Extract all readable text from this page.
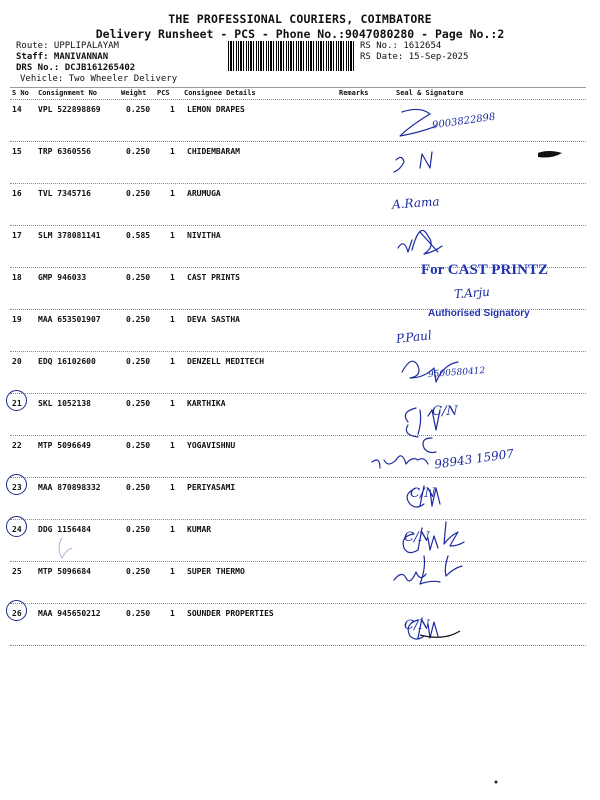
THE PROFESSIONAL COURIERS, COIMBATORE
Delivery Runsheet - PCS - Phone No.:9047080280 - Page No.:2
Route: UPPLIPALAYAM
Staff: MANIVANNAN
DRS No.: DCJB161265402
Vehicle: Two Wheeler Delivery
RS No.: 1612654
RS Date: 15-Sep-2025
S No Consignment No	Weight PCS Consignee Details	Remarks	Seal & Signature
14 VPL 522898869	0.250 1 LEMON DRAPES
15 TRP 6360556	0.250 1 CHIDEMBARAM
16 TVL 7345716	0.250 1 ARUMUGA
17 SLM 378081141	0.585 1 NIVITHA
18 GMP 946033	0.250 1 CAST PRINTS
19 MAA 653501907	0.250 1 DEVA SASTHA
20 EDQ 16102600	0.250 1 DENZELL MEDITECH
21 SKL 1052138	0.250 1 KARTHIKA
22 MTP 5096649	0.250 1 YOGAVISHNU
23 MAA 870898332	0.250 1 PERIYASAMI
24 DDG 1156484	0.250 1 KUMAR
25 MTP 5096684	0.250 1 SUPER THERMO
26 MAA 945650212	0.250 1 SOUNDER PROPERTIES
9003822898
A.Rama
For CAST PRINTZ
T.Arju
Authorised Signatory
P.Paul
9500580412
98943 15907
C/N
C/N
C/N
C/N
